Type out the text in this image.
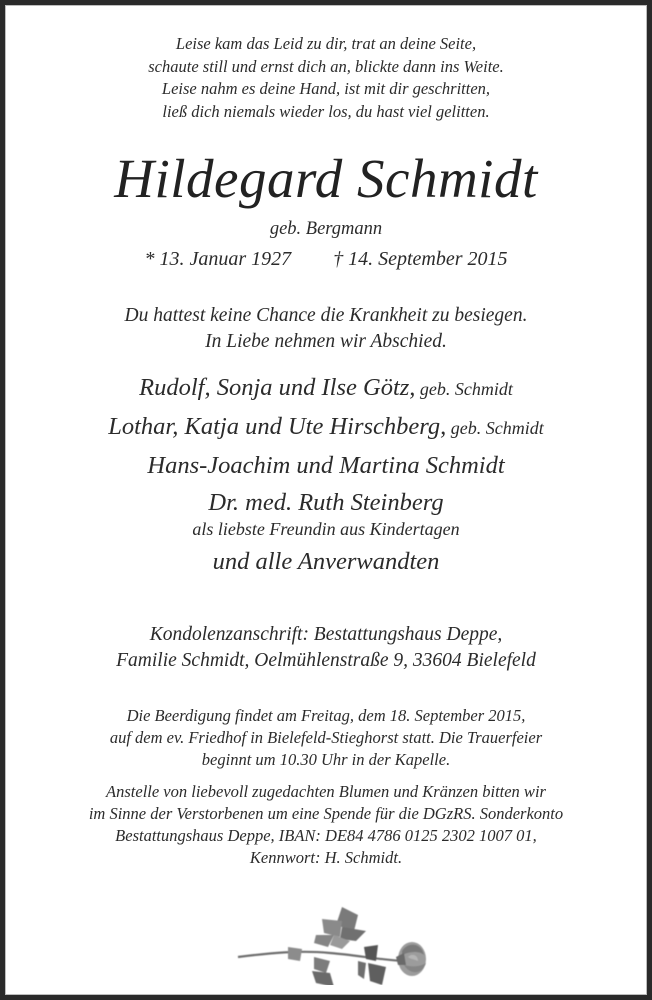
Leise kam das Leid zu dir, trat an deine Seite,
schaute still und ernst dich an, blickte dann ins Weite.
Leise nahm es deine Hand, ist mit dir geschritten,
ließ dich niemals wieder los, du hast viel gelitten.
Hildegard Schmidt
geb. Bergmann
* 13. Januar 1927 † 14. September 2015
Du hattest keine Chance die Krankheit zu besiegen.
In Liebe nehmen wir Abschied.
Rudolf, Sonja und Ilse Götz, geb. Schmidt
Lothar, Katja und Ute Hirschberg, geb. Schmidt
Hans-Joachim und Martina Schmidt
Dr. med. Ruth Steinberg
als liebste Freundin aus Kindertagen
und alle Anverwandten
Kondolenzanschrift: Bestattungshaus Deppe,
Familie Schmidt, Oelmühlenstraße 9, 33604 Bielefeld
Die Beerdigung findet am Freitag, dem 18. September 2015,
auf dem ev. Friedhof in Bielefeld-Stieghorst statt. Die Trauerfeier
beginnt um 10.30 Uhr in der Kapelle.
Anstelle von liebevoll zugedachten Blumen und Kränzen bitten wir
im Sinne der Verstorbenen um eine Spende für die DGzRS. Sonderkonto
Bestattungshaus Deppe, IBAN: DE84 4786 0125 2302 1007 01,
Kennwort: H. Schmidt.
